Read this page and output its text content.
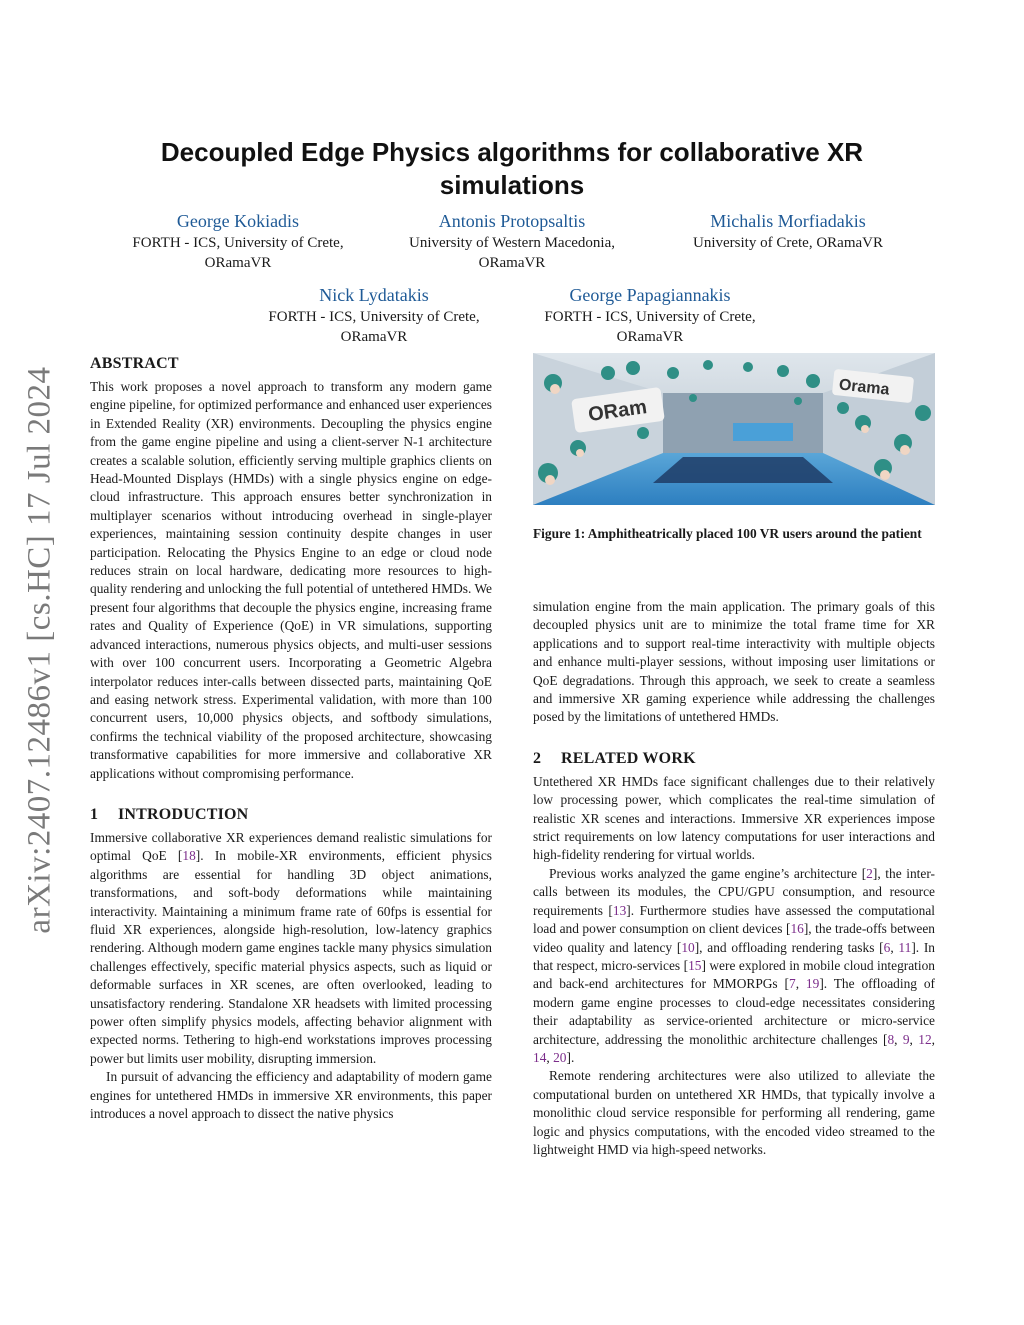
arXiv:2407.12486v1 [cs.HC] 17 Jul 2024
Decoupled Edge Physics algorithms for collaborative XR
simulations
George Kokiadis
FORTH - ICS, University of Crete,
ORamaVR
Antonis Protopsaltis
University of Western Macedonia,
ORamaVR
Michalis Morfiadakis
University of Crete, ORamaVR
Nick Lydatakis
FORTH - ICS, University of Crete,
ORamaVR
George Papagiannakis
FORTH - ICS, University of Crete,
ORamaVR
ABSTRACT

This work proposes a novel approach to transform any modern game engine pipeline, for optimized performance and enhanced user experiences in Extended Reality (XR) environments. Decoupling the physics engine from the game engine pipeline and using a client-server N-1 architecture creates a scalable solution, efficiently serving multiple graphics clients on Head-Mounted Displays (HMDs) with a single physics engine on edge-cloud infrastructure. This approach ensures better synchronization in multiplayer scenarios without introducing overhead in single-player experiences, maintaining session continuity despite changes in user participation. Relocating the Physics Engine to an edge or cloud node reduces strain on local hardware, dedicating more resources to high-quality rendering and unlocking the full potential of untethered HMDs. We present four algorithms that decouple the physics engine, increasing frame rates and Quality of Experience (QoE) in VR simulations, supporting advanced interactions, numerous physics objects, and multi-user sessions with over 100 concurrent users. Incorporating a Geometric Algebra interpolator reduces inter-calls between dissected parts, maintaining QoE and easing network stress. Experimental validation, with more than 100 concurrent users, 10,000 physics objects, and softbody simulations, confirms the technical viability of the proposed architecture, showcasing transformative capabilities for more immersive and collaborative XR applications without compromising performance.

1 INTRODUCTION

Immersive collaborative XR experiences demand realistic simulations for optimal QoE [18]. In mobile-XR environments, efficient physics algorithms are essential for handling 3D object animations, transformations, and soft-body deformations while maintaining interactivity. Maintaining a minimum frame rate of 60fps is essential for fluid XR experiences, alongside high-resolution, low-latency graphics rendering. Although modern game engines tackle many physics simulation challenges effectively, specific material physics aspects, such as liquid or deformable surfaces in XR scenes, are often overlooked, leading to unsatisfactory rendering. Standalone XR headsets with limited processing power often simplify physics models, affecting behavior alignment with expected norms. Tethering to high-end workstations improves processing power but limits user mobility, disrupting immersion.

In pursuit of advancing the efficiency and adaptability of modern game engines for untethered HMDs in immersive XR environments, this paper introduces a novel approach to dissect the native physics

ORam
Orama
Figure 1: Amphitheatrically placed 100 VR users around the patient

simulation engine from the main application. The primary goals of this decoupled physics unit are to minimize the total frame time for XR applications and to support real-time interactivity with multiple objects and enhance multi-player sessions, without imposing user limitations or QoE degradations. Through this approach, we seek to create a seamless and immersive XR gaming experience while addressing the challenges posed by the limitations of untethered HMDs.

2 RELATED WORK

Untethered XR HMDs face significant challenges due to their relatively low processing power, which complicates the real-time simulation of realistic XR scenes and interactions. Immersive XR experiences impose strict requirements on low latency computations for user interactions and high-fidelity rendering for virtual worlds.

Previous works analyzed the game engine’s architecture [2], the inter-calls between its modules, the CPU/GPU consumption, and resource requirements [13]. Furthermore studies have assessed the computational load and power consumption on client devices [16], the trade-offs between video quality and latency [10], and offloading rendering tasks [6, 11]. In that respect, micro-services [15] were explored in mobile cloud integration and back-end architectures for MMORPGs [7, 19]. The offloading of modern game engine processes to cloud-edge necessitates considering their adaptability as service-oriented architecture or micro-service architecture, addressing the monolithic architecture challenges [8, 9, 12, 14, 20].

Remote rendering architectures were also utilized to alleviate the computational burden on untethered XR HMDs, that typically involve a monolithic cloud service responsible for performing all rendering, game logic and physics computations, with the encoded video streamed to the lightweight HMD via high-speed networks.
